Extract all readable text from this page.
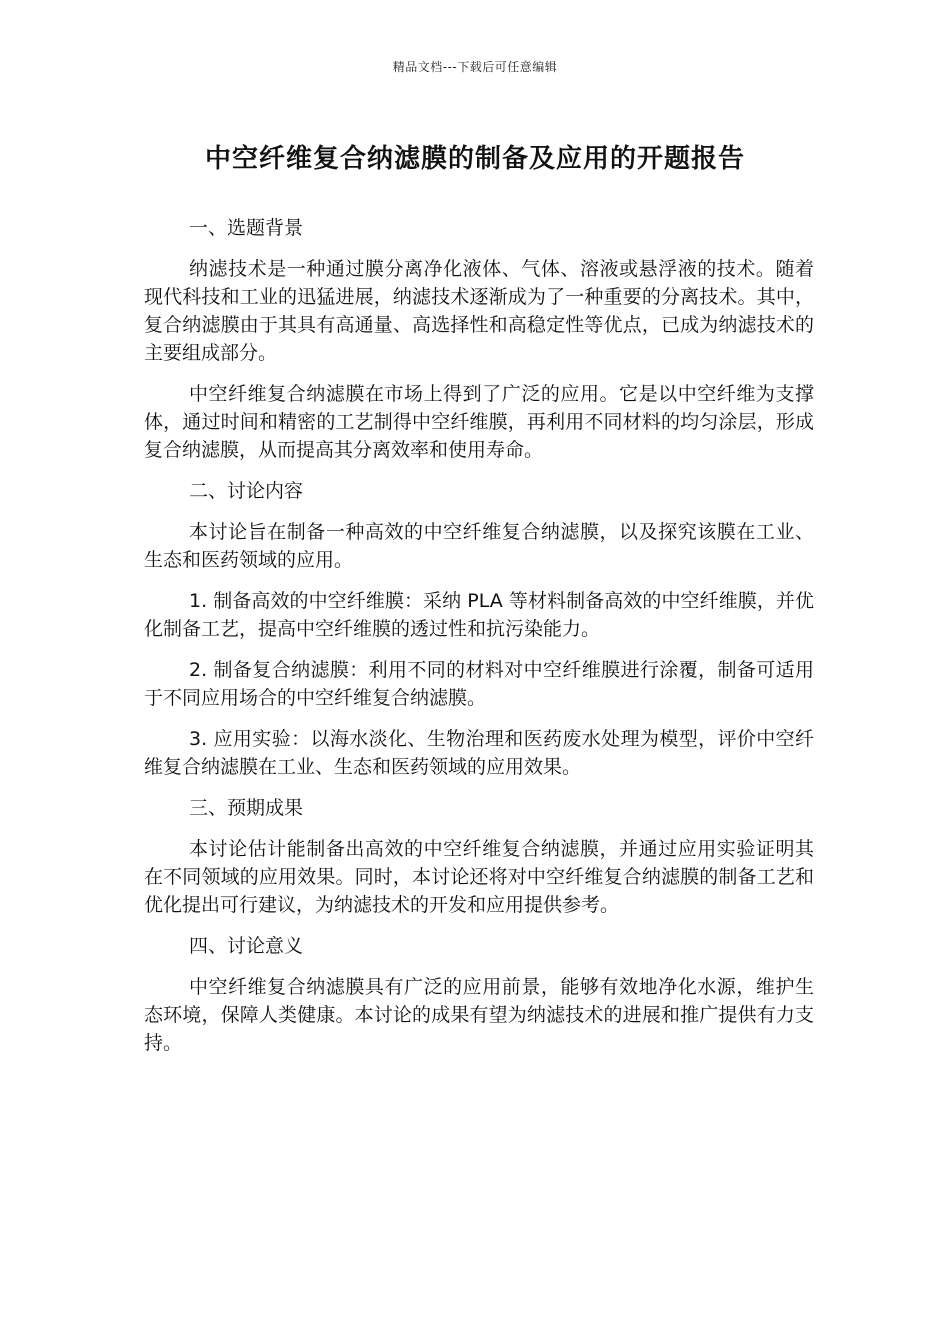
精品文档---下载后可任意编辑
中空纤维复合纳滤膜的制备及应用的开题报告

一、选题背景

纳滤技术是一种通过膜分离净化液体、气体、溶液或悬浮液的技术。随着现代科技和工业的迅猛进展，纳滤技术逐渐成为了一种重要的分离技术。其中，复合纳滤膜由于其具有高通量、高选择性和高稳定性等优点，已成为纳滤技术的主要组成部分。

中空纤维复合纳滤膜在市场上得到了广泛的应用。它是以中空纤维为支撑体，通过时间和精密的工艺制得中空纤维膜，再利用不同材料的均匀涂层，形成复合纳滤膜，从而提高其分离效率和使用寿命。

二、讨论内容

本讨论旨在制备一种高效的中空纤维复合纳滤膜，以及探究该膜在工业、生态和医药领域的应用。

1. 制备高效的中空纤维膜：采纳 PLA 等材料制备高效的中空纤维膜，并优化制备工艺，提高中空纤维膜的透过性和抗污染能力。

2. 制备复合纳滤膜：利用不同的材料对中空纤维膜进行涂覆，制备可适用于不同应用场合的中空纤维复合纳滤膜。

3. 应用实验：以海水淡化、生物治理和医药废水处理为模型，评价中空纤维复合纳滤膜在工业、生态和医药领域的应用效果。

三、预期成果

本讨论估计能制备出高效的中空纤维复合纳滤膜，并通过应用实验证明其在不同领域的应用效果。同时，本讨论还将对中空纤维复合纳滤膜的制备工艺和优化提出可行建议，为纳滤技术的开发和应用提供参考。

四、讨论意义

中空纤维复合纳滤膜具有广泛的应用前景，能够有效地净化水源，维护生态环境，保障人类健康。本讨论的成果有望为纳滤技术的进展和推广提供有力支持。
